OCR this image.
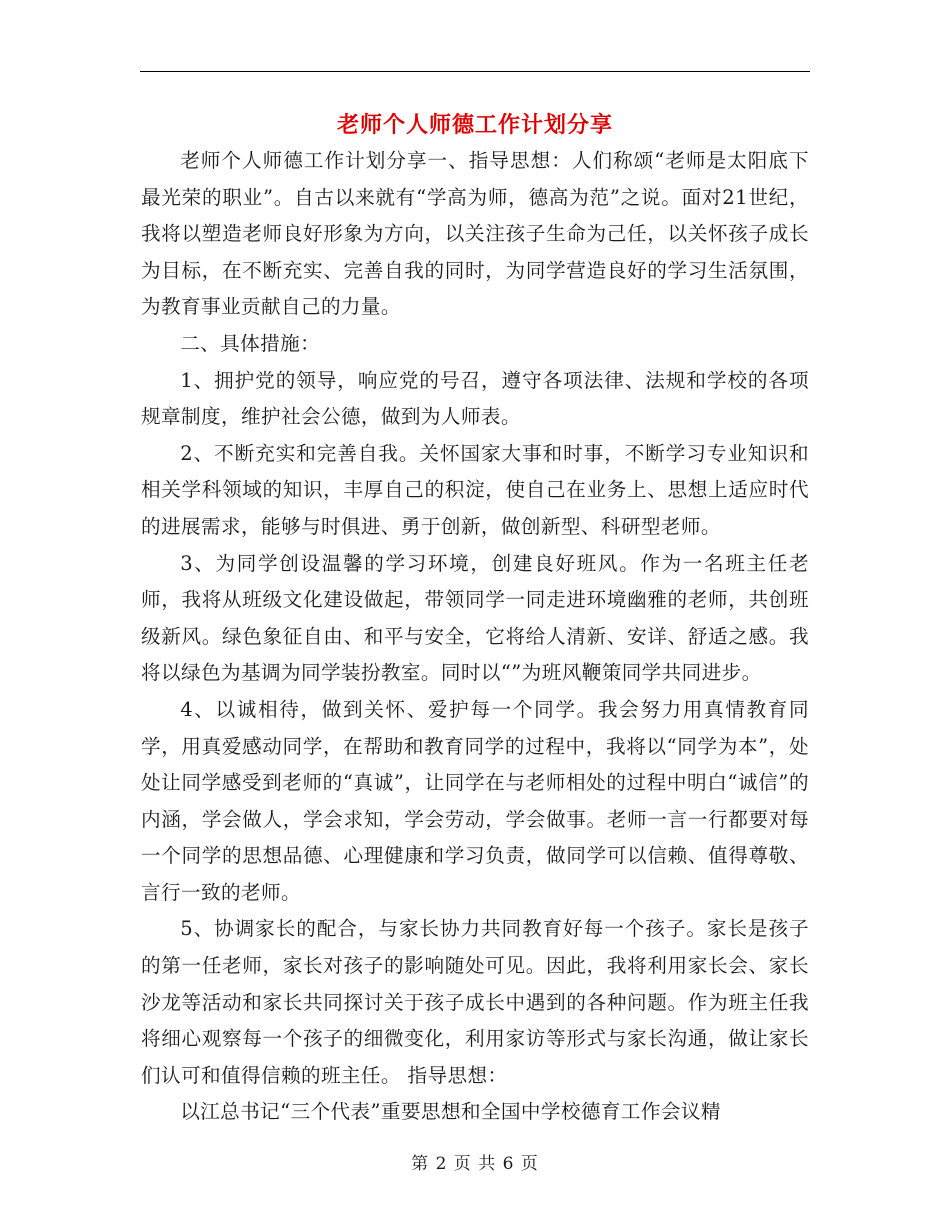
老师个人师德工作计划分享

老师个人师德工作计划分享一、指导思想：人们称颂“老师是太阳底下最光荣的职业”。自古以来就有“学高为师，德高为范”之说。面对21世纪，我将以塑造老师良好形象为方向，以关注孩子生命为己任，以关怀孩子成长为目标，在不断充实、完善自我的同时，为同学营造良好的学习生活氛围，为教育事业贡献自己的力量。

二、具体措施：

1、拥护党的领导，响应党的号召，遵守各项法律、法规和学校的各项规章制度，维护社会公德，做到为人师表。

2、不断充实和完善自我。关怀国家大事和时事，不断学习专业知识和相关学科领域的知识，丰厚自己的积淀，使自己在业务上、思想上适应时代的进展需求，能够与时俱进、勇于创新，做创新型、科研型老师。

3、为同学创设温馨的学习环境，创建良好班风。作为一名班主任老师，我将从班级文化建设做起，带领同学一同走进环境幽雅的老师，共创班级新风。绿色象征自由、和平与安全，它将给人清新、安详、舒适之感。我将以绿色为基调为同学装扮教室。同时以“”为班风鞭策同学共同进步。

4、以诚相待，做到关怀、爱护每一个同学。我会努力用真情教育同学，用真爱感动同学，在帮助和教育同学的过程中，我将以“同学为本”，处处让同学感受到老师的“真诚”，让同学在与老师相处的过程中明白“诚信”的内涵，学会做人，学会求知，学会劳动，学会做事。老师一言一行都要对每一个同学的思想品德、心理健康和学习负责，做同学可以信赖、值得尊敬、言行一致的老师。

5、协调家长的配合，与家长协力共同教育好每一个孩子。家长是孩子的第一任老师，家长对孩子的影响随处可见。因此，我将利用家长会、家长沙龙等活动和家长共同探讨关于孩子成长中遇到的各种问题。作为班主任我将细心观察每一个孩子的细微变化，利用家访等形式与家长沟通，做让家长们认可和值得信赖的班主任。 指导思想：

以江总书记“三个代表”重要思想和全国中学校德育工作会议精

第 2 页 共 6 页
